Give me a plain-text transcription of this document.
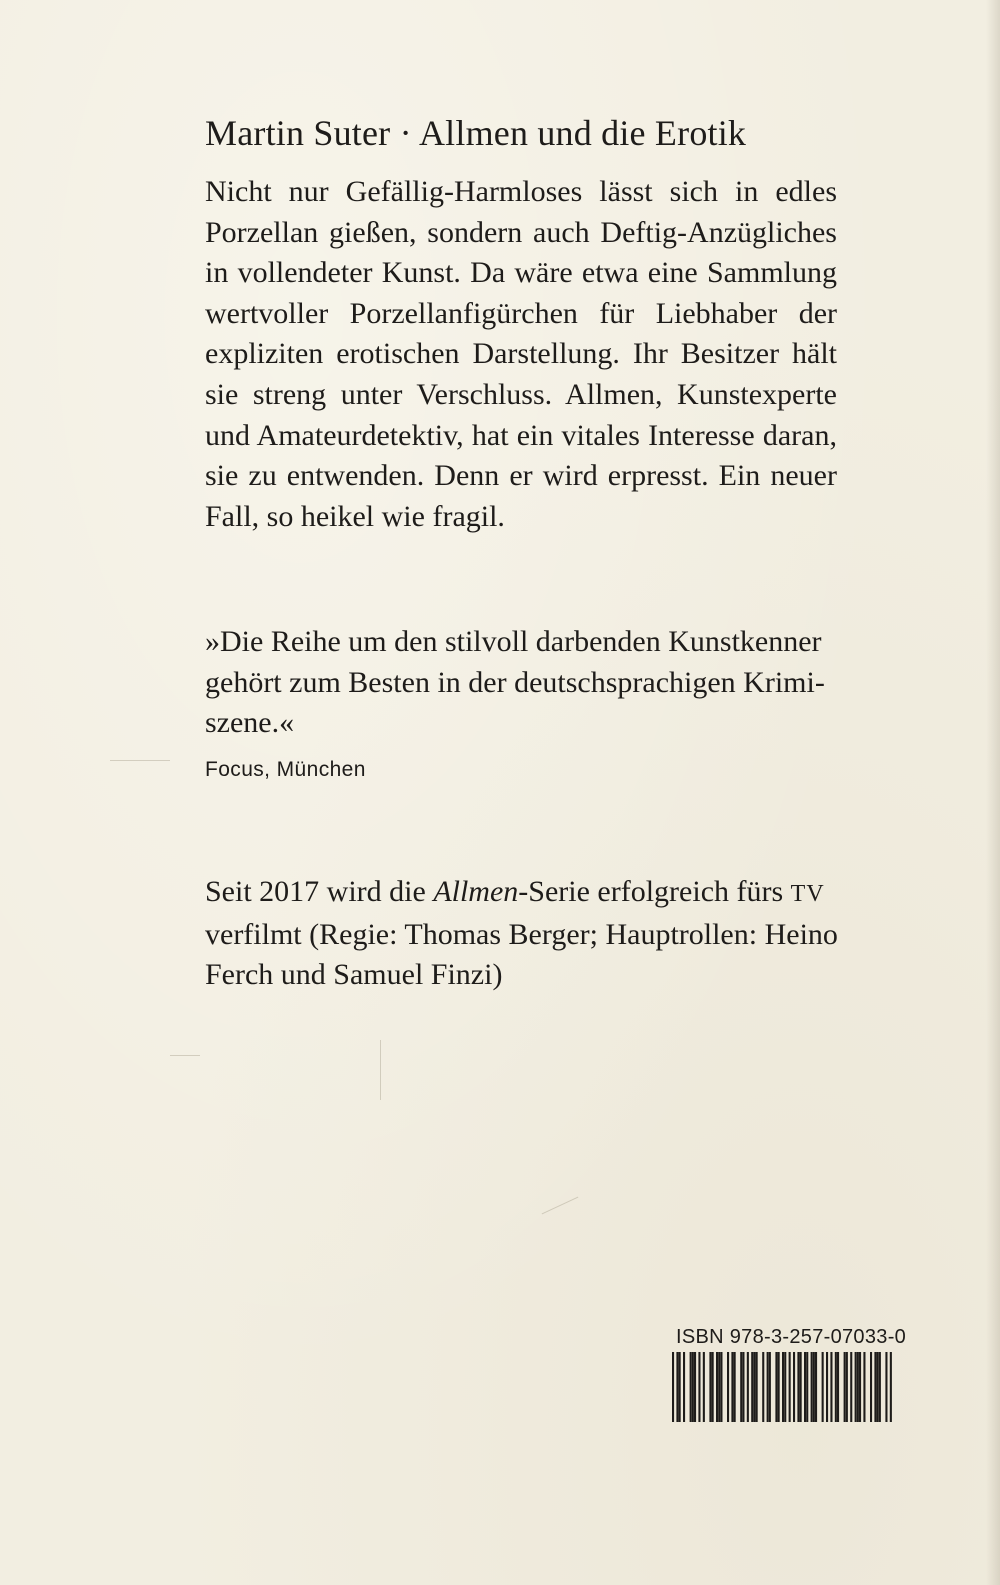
Martin Suter · Allmen und die Erotik

Nicht nur Gefällig-Harmloses lässt sich in edles Porzellan gießen, sondern auch Deftig-Anzügliches in vollendeter Kunst. Da wäre etwa eine Sammlung wertvoller Porzellanfigürchen für Liebhaber der expliziten erotischen Darstellung. Ihr Besitzer hält sie streng unter Verschluss. Allmen, Kunstexperte und Amateurdetektiv, hat ein vitales Interesse daran, sie zu entwenden. Denn er wird erpresst. Ein neuer Fall, so heikel wie fragil.

»Die Reihe um den stilvoll darbenden Kunstkenner
gehört zum Besten in der deutschsprachigen Krimi-
szene.«

Focus, München

Seit 2017 wird die Allmen-Serie erfolgreich fürs TV verfilmt (Regie: Thomas Berger; Hauptrollen: Heino Ferch und Samuel Finzi)

ISBN 978-3-257-07033-0
